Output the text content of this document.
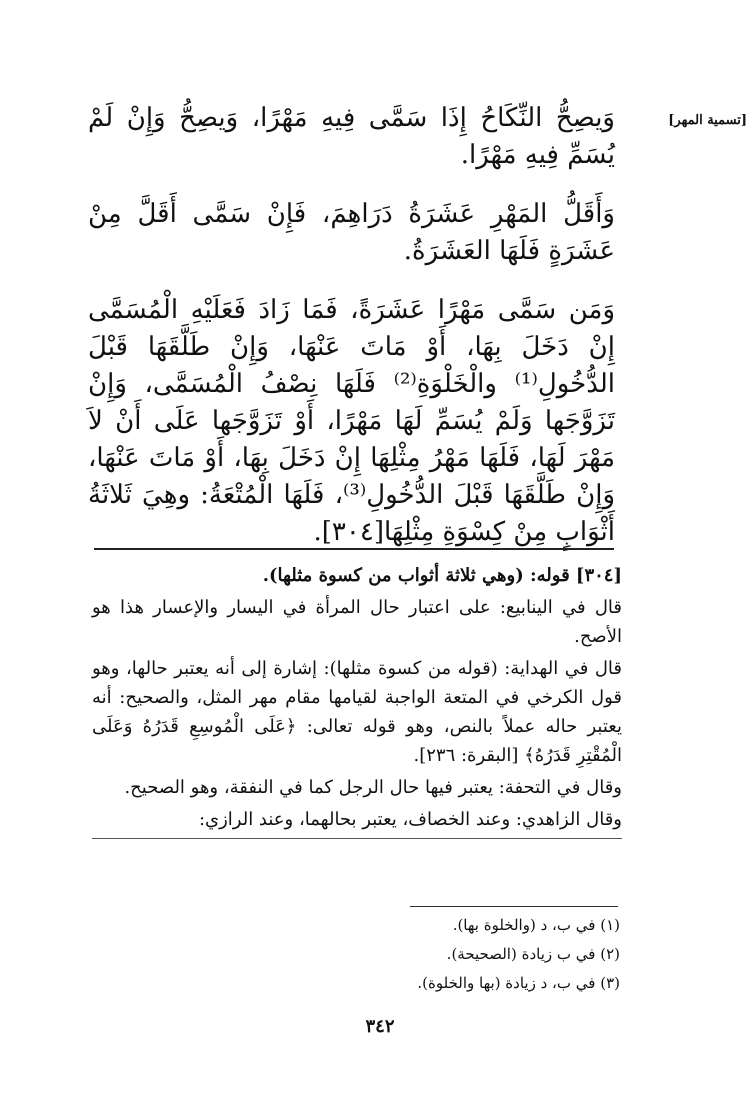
[تسمية المهر]

وَيصِحُّ النِّكَاحُ إِذَا سَمَّى فِيهِ مَهْرًا، وَيصِحُّ وَإِنْ لَمْ يُسَمِّ فِيهِ مَهْرًا.

وَأَقَلُّ المَهْرِ عَشَرَةُ دَرَاهِمَ، فَإِنْ سَمَّى أَقَلَّ مِنْ عَشَرَةٍ فَلَهَا العَشَرَةُ.

وَمَن سَمَّى مَهْرًا عَشَرَةً، فَمَا زَادَ فَعَلَيْهِ الْمُسَمَّى إِنْ دَخَلَ بِهَا، أَوْ مَاتَ عَنْهَا، وَإِنْ طَلَّقَهَا قَبْلَ الدُّخُولِ⁽¹⁾ والْخَلْوَةِ⁽²⁾ فَلَهَا نِصْفُ الْمُسَمَّى، وَإِنْ تَزَوَّجَها وَلَمْ يُسَمِّ لَهَا مَهْرًا، أَوْ تَزَوَّجَها عَلَى أَنْ لاَ مَهْرَ لَهَا، فَلَهَا مَهْرُ مِثْلِهَا إِنْ دَخَلَ بِهَا، أَوْ مَاتَ عَنْهَا، وَإِنْ طَلَّقَهَا قَبْلَ الدُّخُولِ⁽³⁾، فَلَهَا الْمُتْعَةُ: وهِيَ ثَلاثَةُ أَثْوَابٍ مِنْ كِسْوَةِ مِثْلِهَا[٣٠٤].

[٣٠٤] قوله: (وهي ثلاثة أثواب من كسوة مثلها).

قال في الينابيع: على اعتبار حال المرأة في اليسار والإعسار هذا هو الأصح.

قال في الهداية: (قوله من كسوة مثلها): إشارة إلى أنه يعتبر حالها، وهو قول الكرخي في المتعة الواجبة لقيامها مقام مهر المثل، والصحيح: أنه يعتبر حاله عملاً بالنص، وهو قوله تعالى: ﴿عَلَى الْمُوسِعِ قَدَرُهُ وَعَلَى الْمُقْتِرِ قَدَرُهُ﴾ [البقرة: ٢٣٦].

وقال في التحفة: يعتبر فيها حال الرجل كما في النفقة، وهو الصحيح.

وقال الزاهدي: وعند الخصاف، يعتبر بحالهما، وعند الرازي:

(١) في ب، د (والخلوة بها).
(٢) في ب زيادة (الصحيحة).
(٣) في ب، د زيادة (بها والخلوة).
٣٤٢
